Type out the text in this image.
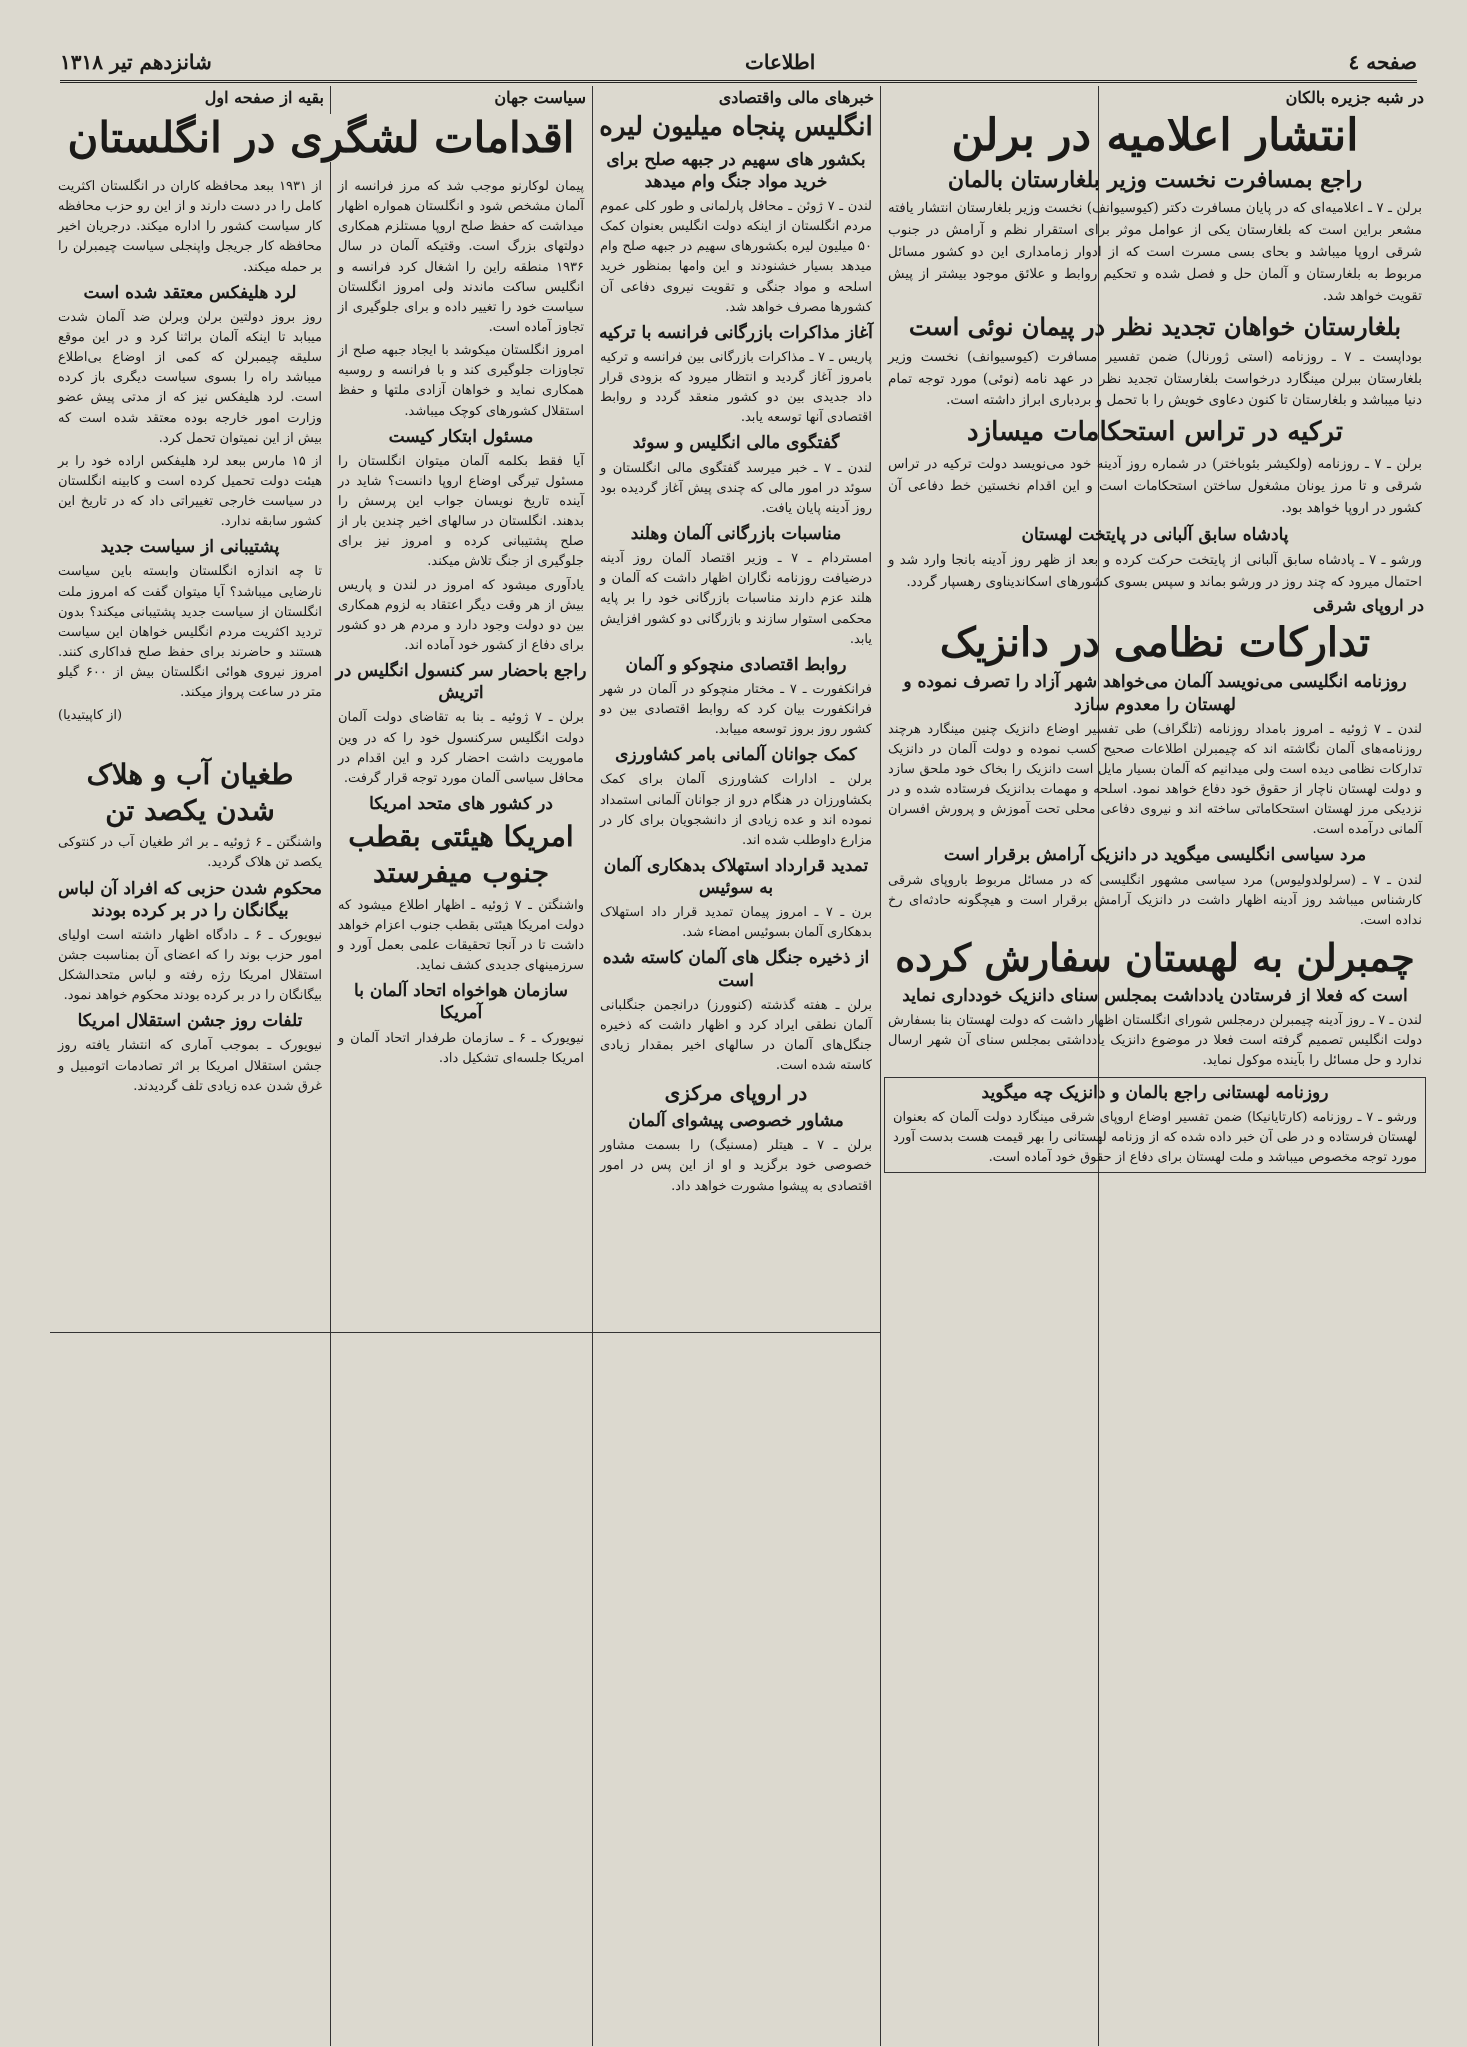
صفحه ٤
اطلاعات
شانزدهم تیر ۱۳۱۸
در شبه جزیره بالکان
انتشار اعلامیه در برلن
راجع بمسافرت نخست وزیر بلغارستان بالمان
برلن ـ ۷ ـ اعلامیه‌ای که در پایان مسافرت دکتر (کیوسیوانف) نخست وزیر بلغارستان انتشار یافته مشعر براین است که بلغارستان یکی از عوامل موثر برای استقرار نظم و آرامش در جنوب شرقی اروپا میباشد و بحای بسی مسرت است که از ادوار زمامداری این دو کشور مسائل مربوط به بلغارستان و آلمان حل و فصل شده و تحکیم روابط و علائق موجود بیشتر از پیش تقویت خواهد شد.
بلغارستان خواهان تجدید نظر در پیمان نوئی است
بوداپست ـ ۷ ـ روزنامه (استی ژورنال) ضمن تفسیر مسافرت (کیوسیوانف) نخست وزیر بلغارستان ببرلن مینگارد درخواست بلغارستان تجدید نظر در عهد نامه (نوئی) مورد توجه تمام دنیا میباشد و بلغارستان تا کنون دعاوی خویش را با تحمل و بردباری ابراز داشته است.
ترکیه در تراس استحکامات میسازد
برلن ـ ۷ ـ روزنامه (ولکیشر بئوباختر) در شماره روز آدینه خود می‌نویسد دولت ترکیه در تراس شرقی و تا مرز یونان مشغول ساختن استحکامات است و این اقدام نخستین خط دفاعی آن کشور در اروپا خواهد بود.
پادشاه سابق آلبانی در پایتخت لهستان
ورشو ـ ۷ ـ پادشاه سابق آلبانی از پایتخت حرکت کرده و بعد از ظهر روز آدینه بانجا وارد شد و احتمال میرود که چند روز در ورشو بماند و سپس بسوی کشورهای اسکاندیناوی رهسپار گردد.
در اروپای شرقی
تدارکات نظامی در دانزیک
روزنامه انگلیسی می‌نویسد آلمان می‌خواهد شهر آزاد را تصرف نموده و لهستان را معدوم سازد
لندن ـ ۷ ژوئیه ـ امروز بامداد روزنامه (تلگراف) طی تفسیر اوضاع دانزیک چنین مینگارد هرچند روزنامه‌های آلمان نگاشته اند که چیمبرلن اطلاعات صحیح کسب نموده و دولت آلمان در دانزیک تدارکات نظامی دیده است ولی میدانیم که آلمان بسیار مایل است دانزیک را بخاک خود ملحق سازد و دولت لهستان ناچار از حقوق خود دفاع خواهد نمود. اسلحه و مهمات بدانزیک فرستاده شده و در نزدیکی مرز لهستان استحکاماتی ساخته اند و نیروی دفاعی محلی تحت آموزش و پرورش افسران آلمانی درآمده است.
مرد سیاسی انگلیسی میگوید در دانزیک آرامش برقرار است
لندن ـ ۷ ـ (سرلولدولیوس) مرد سیاسی مشهور انگلیسی که در مسائل مربوط باروپای شرقی کارشناس میباشد روز آدینه اظهار داشت در دانزیک آرامش برقرار است و هیچگونه حادثه‌ای رخ نداده است.
چمبرلن به لهستان سفارش کرده
است که فعلا از فرستادن یادداشت بمجلس سنای دانزیک خودداری نماید
لندن ـ ۷ ـ روز آدینه چیمبرلن درمجلس شورای انگلستان اظهار داشت که دولت لهستان بنا بسفارش دولت انگلیس تصمیم گرفته است فعلا در موضوع دانزیک یادداشتی بمجلس سنای آن شهر ارسال ندارد و حل مسائل را بآینده موکول نماید.
روزنامه لهستانی راجع بالمان و دانزیک چه میگوید
ورشو ـ ۷ ـ روزنامه (کارتایانیکا) ضمن تفسیر اوضاع اروپای شرقی مینگارد دولت آلمان که بعنوان لهستان فرستاده و در طی آن خبر داده شده که از وزنامه لهستانی را بهر قیمت هست بدست آورد مورد توجه مخصوص میباشد و ملت لهستان برای دفاع از حقوق خود آماده است.
خبرهای مالی واقتصادی
انگلیس پنجاه میلیون لیره
بکشور های سهیم در جبهه صلح برای خرید مواد جنگ وام میدهد
لندن ـ ۷ ژوئن ـ محافل پارلمانی و طور کلی عموم مردم انگلستان از اینکه دولت انگلیس بعنوان کمک ۵۰ میلیون لیره بکشورهای سهیم در جبهه صلح وام میدهد بسیار خشنودند و این وامها بمنظور خرید اسلحه و مواد جنگی و تقویت نیروی دفاعی آن کشورها مصرف خواهد شد.
آغاز مذاکرات بازرگانی فرانسه با ترکیه
پاریس ـ ۷ ـ مذاکرات بازرگانی بین فرانسه و ترکیه بامروز آغاز گردید و انتظار میرود که بزودی قرار داد جدیدی بین دو کشور منعقد گردد و روابط اقتصادی آنها توسعه یابد.
گفتگوی مالی انگلیس و سوئد
لندن ـ ۷ ـ خبر میرسد گفتگوی مالی انگلستان و سوئد در امور مالی که چندی پیش آغاز گردیده بود روز آدینه پایان یافت.
مناسبات بازرگانی آلمان وهلند
امستردام ـ ۷ ـ وزیر اقتصاد آلمان روز آدینه درضیافت روزنامه نگاران اظهار داشت که آلمان و هلند عزم دارند مناسبات بازرگانی خود را بر پایه محکمی استوار سازند و بازرگانی دو کشور افزایش یابد.
روابط اقتصادی منچوکو و آلمان
فرانکفورت ـ ۷ ـ مختار منچوکو در آلمان در شهر فرانکفورت بیان کرد که روابط اقتصادی بین دو کشور روز بروز توسعه مییابد.
کمک جوانان آلمانی بامر کشاورزی
برلن ـ ادارات کشاورزی آلمان برای کمک بکشاورزان در هنگام درو از جوانان آلمانی استمداد نموده اند و عده زیادی از دانشجویان برای کار در مزارع داوطلب شده اند.
تمدید قرارداد استهلاک بدهکاری آلمان به سوئیس
برن ـ ۷ ـ امروز پیمان تمدید قرار داد استهلاک بدهکاری آلمان بسوئیس امضاء شد.
از ذخیره جنگل های آلمان کاسته شده است
برلن ـ هفته گذشته (کنوورز) درانجمن جنگلبانی آلمان نطقی ایراد کرد و اظهار داشت که ذخیره جنگل‌های آلمان در سالهای اخیر بمقدار زیادی کاسته شده است.
در اروپای مرکزی
مشاور خصوصی پیشوای آلمان
برلن ـ ۷ ـ هیتلر (مسنیگ) را بسمت مشاور خصوصی خود برگزید و او از این پس در امور اقتصادی به پیشوا مشورت خواهد داد.
سیاست جهان
پیمان لوکارنو موجب شد که مرز فرانسه از آلمان مشخص شود و انگلستان همواره اظهار میداشت که حفظ صلح اروپا مستلزم همکاری دولتهای بزرگ است. وقتیکه آلمان در سال ۱۹۳۶ منطقه راین را اشغال کرد فرانسه و انگلیس ساکت ماندند ولی امروز انگلستان سیاست خود را تغییر داده و برای جلوگیری از تجاوز آماده است.
امروز انگلستان میکوشد با ایجاد جبهه صلح از تجاوزات جلوگیری کند و با فرانسه و روسیه همکاری نماید و خواهان آزادی ملتها و حفظ استقلال کشورهای کوچک میباشد.
مسئول ابتکار کیست
آیا فقط بکلمه آلمان میتوان انگلستان را مسئول تیرگی اوضاع اروپا دانست؟ شاید در آینده تاریخ نویسان جواب این پرسش را بدهند. انگلستان در سالهای اخیر چندین بار از صلح پشتیبانی کرده و امروز نیز برای جلوگیری از جنگ تلاش میکند.
یادآوری میشود که امروز در لندن و پاریس بیش از هر وقت دیگر اعتقاد به لزوم همکاری بین دو دولت وجود دارد و مردم هر دو کشور برای دفاع از کشور خود آماده اند.
راجع باحضار سر کنسول انگلیس در اتریش
برلن ـ ۷ ژوئیه ـ بنا به تقاضای دولت آلمان دولت انگلیس سرکنسول خود را که در وین ماموریت داشت احضار کرد و این اقدام در محافل سیاسی آلمان مورد توجه قرار گرفت.
در کشور های متحد امریکا
امریکا هیئتی بقطب جنوب میفرستد
واشنگتن ـ ۷ ژوئیه ـ اظهار اطلاع میشود که دولت امریکا هیئتی بقطب جنوب اعزام خواهد داشت تا در آنجا تحقیقات علمی بعمل آورد و سرزمینهای جدیدی کشف نماید.
سازمان هواخواه اتحاد آلمان با آمریکا
نیویورک ـ ۶ ـ سازمان طرفدار اتحاد آلمان و امریکا جلسه‌ای تشکیل داد.
بقیه از صفحه اول
از ۱۹۳۱ ببعد محافظه کاران در انگلستان اکثریت کامل را در دست دارند و از این رو حزب محافظه کار سیاست کشور را اداره میکند. درجریان اخیر محافظه کار جریجل واپنجلی سیاست چیمبرلن را بر حمله میکند.
لرد هلیفکس معتقد شده است
روز بروز دولتین برلن وبرلن ضد آلمان شدت میبابد تا اینکه آلمان براثنا کرد و در این موقع سلیقه چیمبرلن که کمی از اوضاع بی‌اطلاع میباشد راه را بسوی سیاست دیگری باز کرده است. لرد هلیفکس نیز که از مدتی پیش عضو وزارت امور خارجه بوده معتقد شده است که بیش از این نمیتوان تحمل کرد.
از ۱۵ مارس ببعد لرد هلیفکس اراده خود را بر هیئت دولت تحمیل کرده است و کابینه انگلستان در سیاست خارجی تغییراتی داد که در تاریخ این کشور سابقه ندارد.
پشتیبانی از سیاست جدید
تا چه اندازه انگلستان وابسته باین سیاست نارضایی میباشد؟ آیا میتوان گفت که امروز ملت انگلستان از سیاست جدید پشتیبانی میکند؟ بدون تردید اکثریت مردم انگلیس خواهان این سیاست هستند و حاضرند برای حفظ صلح فداکاری کنند. امروز نیروی هوائی انگلستان بیش از ۶۰۰ گیلو متر در ساعت پرواز میکند.
(از کاپیتیدیا)
طغیان آب و هلاک شدن یکصد تن
واشنگتن ـ ۶ ژوئیه ـ بر اثر طغیان آب در کنتوکی یکصد تن هلاک گردید.
محکوم شدن حزبی که افراد آن لباس بیگانگان را در بر کرده بودند
نیویورک ـ ۶ ـ دادگاه اظهار داشته است اولیای امور حزب بوند را که اعضای آن بمناسبت جشن استقلال امریکا رژه رفته و لباس متحدالشکل بیگانگان را در بر کرده بودند محکوم خواهد نمود.
تلفات روز جشن استقلال امریکا
نیویورک ـ بموجب آماری که انتشار یافته روز جشن استقلال امریکا بر اثر تصادمات اتومبیل و غرق شدن عده زیادی تلف گردیدند.
اقدامات لشگری در انگلستان
